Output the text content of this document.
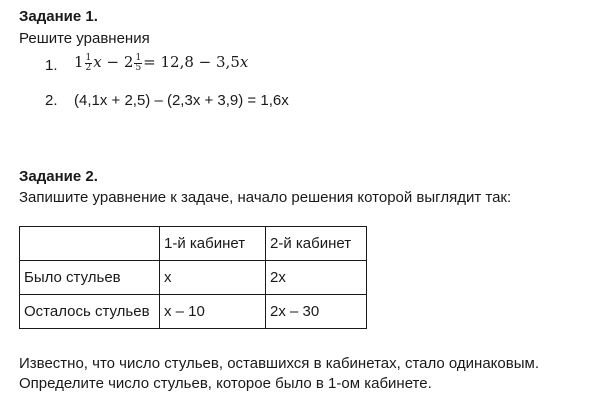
Задание 1.
Решите уравнения
1. $1 \frac{1}{2}$ $x - 2 \frac{1}{5} = 12,8 - 3,5x$
2. (4,1x + 2,5) – (2,3x + 3,9) = 1,6x
Задание 2.
Запишите уравнение к задаче, начало решения которой выглядит так:
	1-й кабинет	2-й кабинет
Было стульев	x	2x
Осталось стульев	x – 10	2x – 30
Известно, что число стульев, оставшихся в кабинетах, стало одинаковым.
Определите число стульев, которое было в 1-ом кабинете.
